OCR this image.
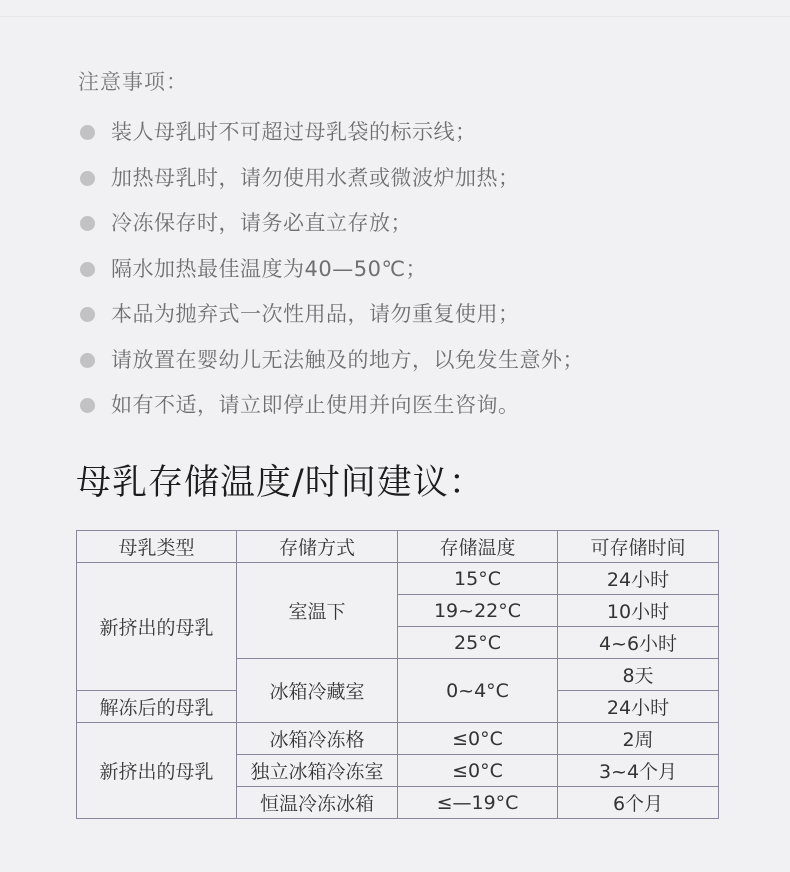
注意事项：
装人母乳时不可超过母乳袋的标示线；
加热母乳时，请勿使用水煮或微波炉加热；
冷冻保存时，请务必直立存放；
隔水加热最佳温度为40—50℃；
本品为抛弃式一次性用品，请勿重复使用；
请放置在婴幼儿无法触及的地方，以免发生意外；
如有不适，请立即停止使用并向医生咨询。
母乳存储温度/时间建议：
母乳类型	存储方式	存储温度	可存储时间
新挤出的母乳	室温下	15°C	24小时
		19~22°C	10小时
		25°C	4~6小时
	冰箱冷藏室	0~4°C	8天
解冻后的母乳			24小时
新挤出的母乳	冰箱冷冻格	≤0°C	2周
	独立冰箱冷冻室	≤0°C	3~4个月
	恒温冷冻冰箱	≤—19°C	6个月
